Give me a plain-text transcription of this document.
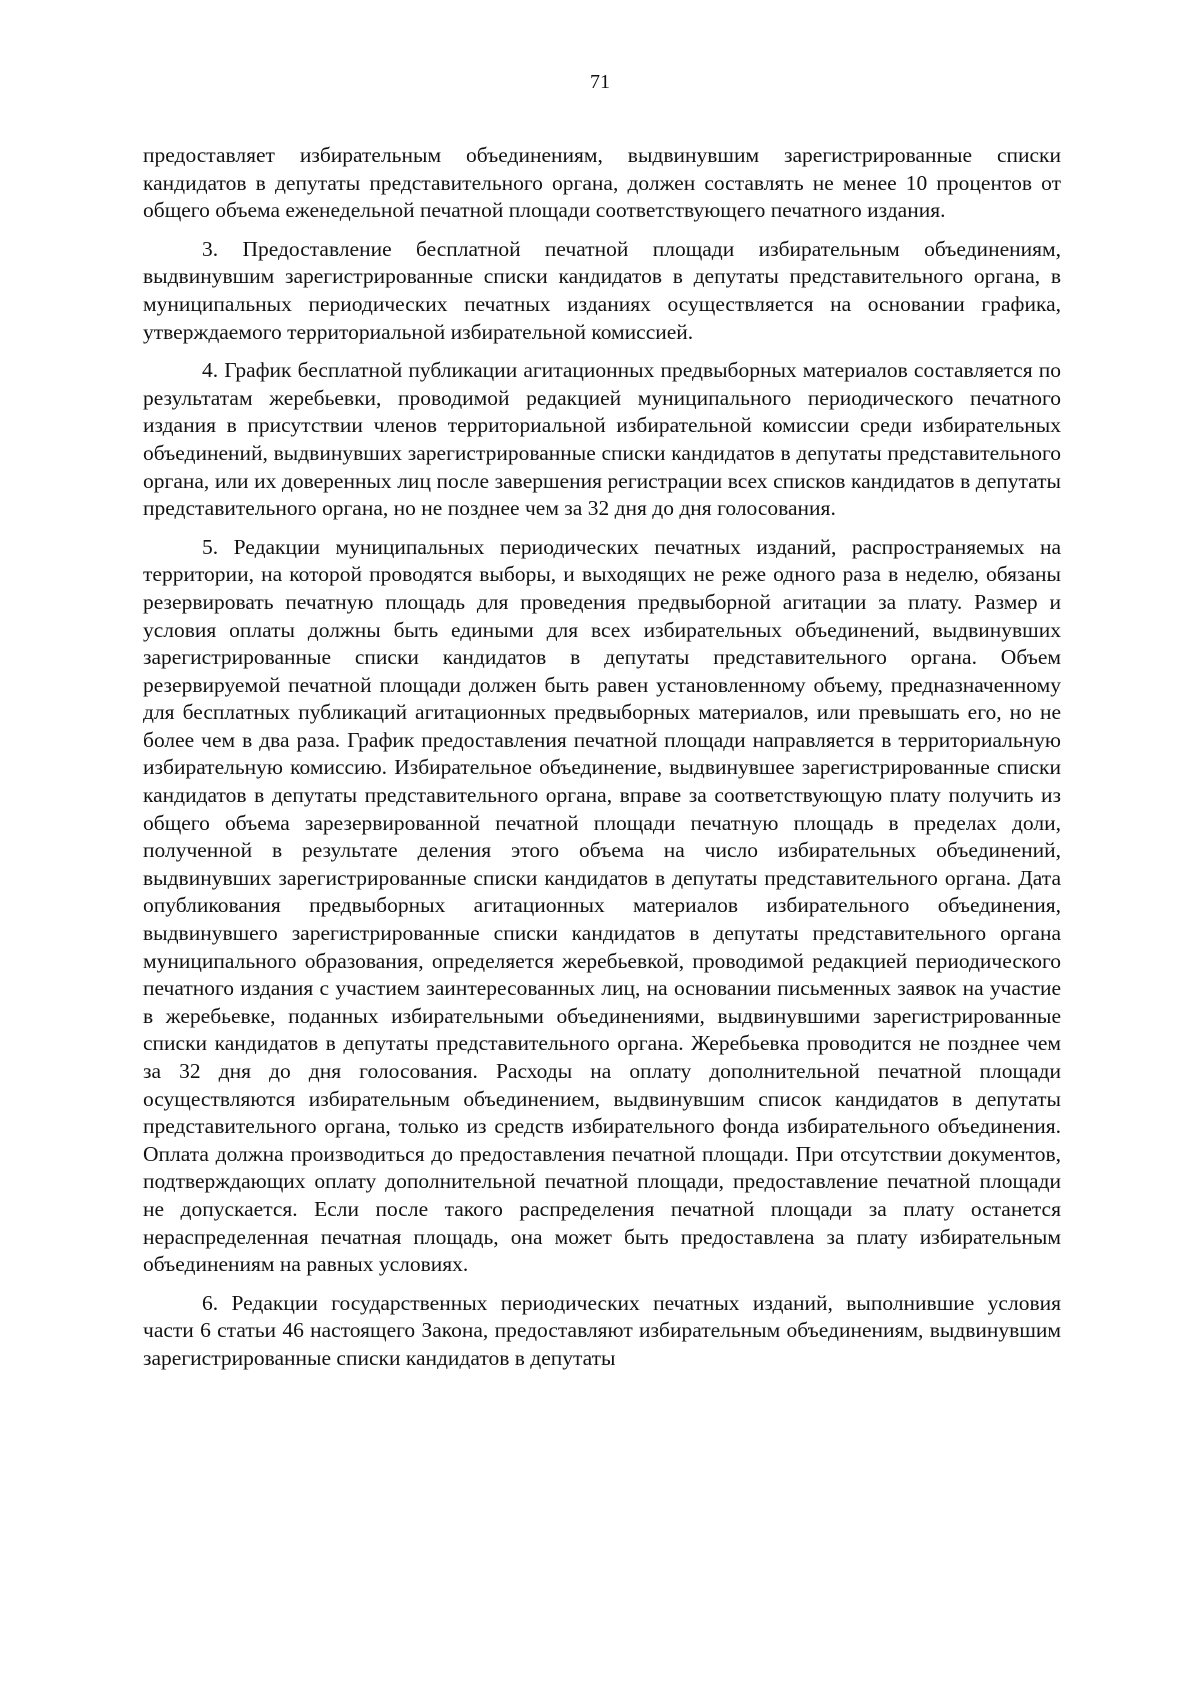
71

предоставляет избирательным объединениям, выдвинувшим зарегистрированные списки кандидатов в депутаты представительного органа, должен составлять не менее 10 процентов от общего объема еженедельной печатной площади соответствующего печатного издания.

3. Предоставление бесплатной печатной площади избирательным объединениям, выдвинувшим зарегистрированные списки кандидатов в депутаты представительного органа, в муниципальных периодических печатных изданиях осуществляется на основании графика, утверждаемого территориальной избирательной комиссией.

4. График бесплатной публикации агитационных предвыборных материалов составляется по результатам жеребьевки, проводимой редакцией муниципального периодического печатного издания в присутствии членов территориальной избирательной комиссии среди избирательных объединений, выдвинувших зарегистрированные списки кандидатов в депутаты представительного органа, или их доверенных лиц после завершения регистрации всех списков кандидатов в депутаты представительного органа, но не позднее чем за 32 дня до дня голосования.

5. Редакции муниципальных периодических печатных изданий, распространяемых на территории, на которой проводятся выборы, и выходящих не реже одного раза в неделю, обязаны резервировать печатную площадь для проведения предвыборной агитации за плату. Размер и условия оплаты должны быть едиными для всех избирательных объединений, выдвинувших зарегистрированные списки кандидатов в депутаты представительного органа. Объем резервируемой печатной площади должен быть равен установленному объему, предназначенному для бесплатных публикаций агитационных предвыборных материалов, или превышать его, но не более чем в два раза. График предоставления печатной площади направляется в территориальную избирательную комиссию. Избирательное объединение, выдвинувшее зарегистрированные списки кандидатов в депутаты представительного органа, вправе за соответствующую плату получить из общего объема зарезервированной печатной площади печатную площадь в пределах доли, полученной в результате деления этого объема на число избирательных объединений, выдвинувших зарегистрированные списки кандидатов в депутаты представительного органа. Дата опубликования предвыборных агитационных материалов избирательного объединения, выдвинувшего зарегистрированные списки кандидатов в депутаты представительного органа муниципального образования, определяется жеребьевкой, проводимой редакцией периодического печатного издания с участием заинтересованных лиц, на основании письменных заявок на участие в жеребьевке, поданных избирательными объединениями, выдвинувшими зарегистрированные списки кандидатов в депутаты представительного органа. Жеребьевка проводится не позднее чем за 32 дня до дня голосования. Расходы на оплату дополнительной печатной площади осуществляются избирательным объединением, выдвинувшим список кандидатов в депутаты представительного органа, только из средств избирательного фонда избирательного объединения. Оплата должна производиться до предоставления печатной площади. При отсутствии документов, подтверждающих оплату дополнительной печатной площади, предоставление печатной площади не допускается. Если после такого распределения печатной площади за плату останется нераспределенная печатная площадь, она может быть предоставлена за плату избирательным объединениям на равных условиях.

6. Редакции государственных периодических печатных изданий, выполнившие условия части 6 статьи 46 настоящего Закона, предоставляют избирательным объединениям, выдвинувшим зарегистрированные списки кандидатов в депутаты
